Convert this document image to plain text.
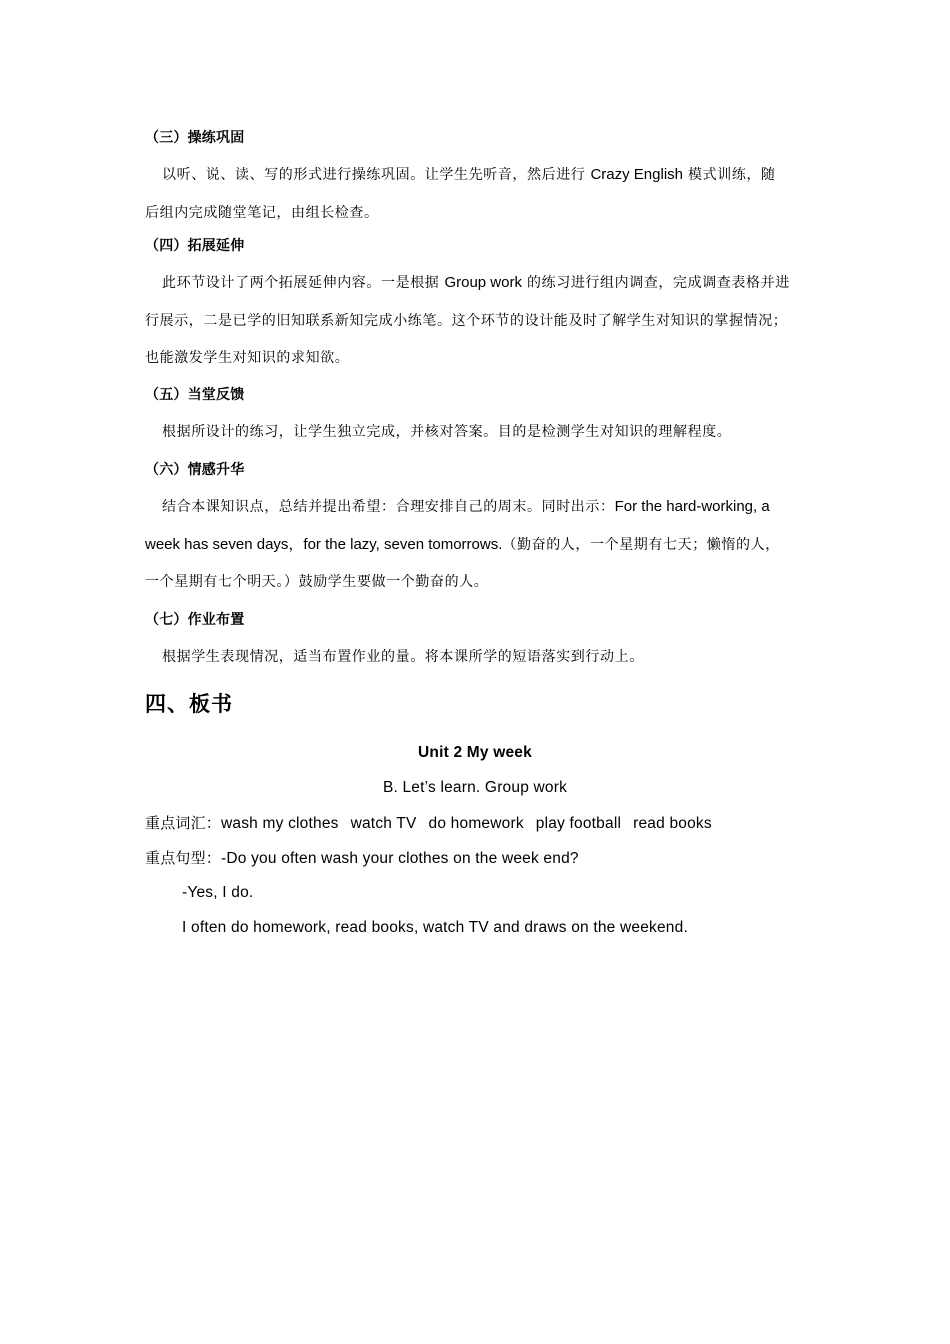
（三）操练巩固
以听、说、读、写的形式进行操练巩固。让学生先听音，然后进行 Crazy English 模式训练，随
后组内完成随堂笔记，由组长检查。
（四）拓展延伸
此环节设计了两个拓展延伸内容。一是根据 Group work 的练习进行组内调查，完成调查表格并进
行展示，二是已学的旧知联系新知完成小练笔。这个环节的设计能及时了解学生对知识的掌握情况；
也能激发学生对知识的求知欲。
（五）当堂反馈
根据所设计的练习，让学生独立完成，并核对答案。目的是检测学生对知识的理解程度。
（六）情感升华
结合本课知识点，总结并提出希望：合理安排自己的周末。同时出示：For the hard-working, a
week has seven days，for the lazy, seven tomorrows.（勤奋的人，一个星期有七天；懒惰的人，
一个星期有七个明天。）鼓励学生要做一个勤奋的人。
（七）作业布置
根据学生表现情况，适当布置作业的量。将本课所学的短语落实到行动上。
四、板书
Unit 2 My week
B. Let’s learn. Group work
重点词汇：wash my clothes watch TV do homework play football read books
重点句型：-Do you often wash your clothes on the week end?
-Yes, I do.
I often do homework, read books, watch TV and draws on the weekend.
